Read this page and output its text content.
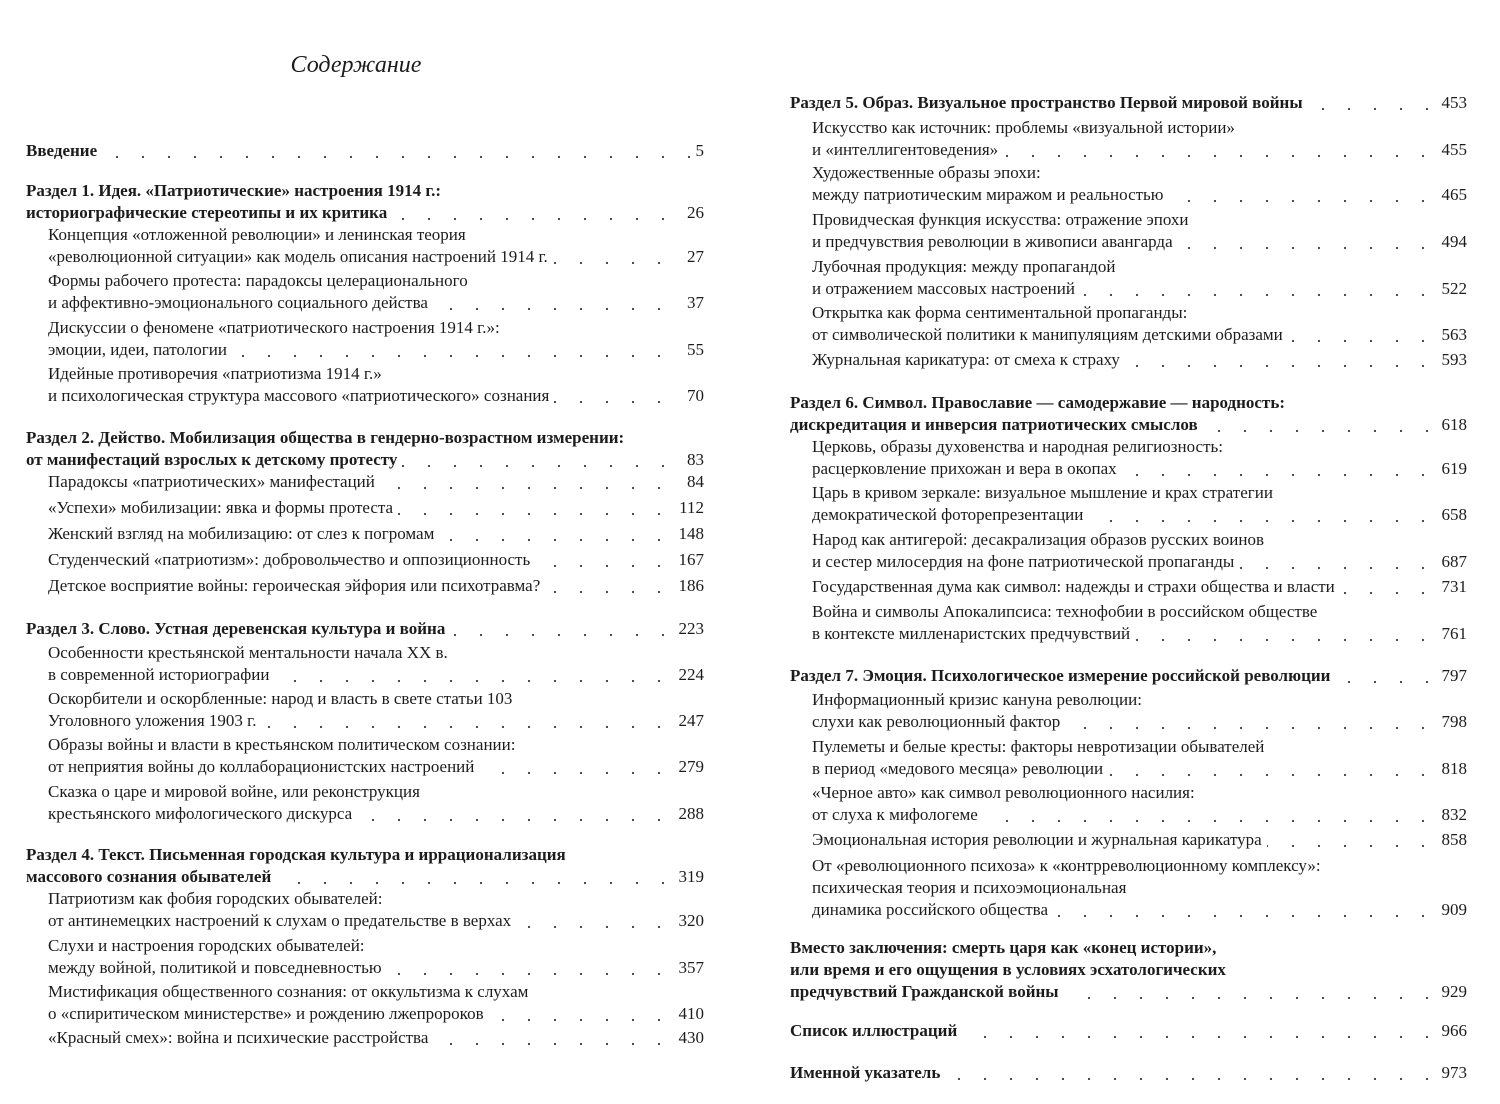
Содержание
Введение	5
Раздел 1. Идея. «Патриотические» настроения 1914 г.:
историографические стереотипы и их критика	26
Концепция «отложенной революции» и ленинская теория
«революционной ситуации» как модель описания настроений 1914 г.	27
Формы рабочего протеста: парадоксы целерационального
и аффективно-эмоционального социального действа	37
Дискуссии о феномене «патриотического настроения 1914 г.»:
эмоции, идеи, патологии	55
Идейные противоречия «патриотизма 1914 г.»
и психологическая структура массового «патриотического» сознания	70
Раздел 2. Действо. Мобилизация общества в гендерно-возрастном измерении:
от манифестаций взрослых к детскому протесту	83
Парадоксы «патриотических» манифестаций	84
«Успехи» мобилизации: явка и формы протеста	112
Женский взгляд на мобилизацию: от слез к погромам	148
Студенческий «патриотизм»: добровольчество и оппозиционность	167
Детское восприятие войны: героическая эйфория или психотравма?	186
Раздел 3. Слово. Устная деревенская культура и война	223
Особенности крестьянской ментальности начала XX в.
в современной историографии	224
Оскорбители и оскорбленные: народ и власть в свете статьи 103
Уголовного уложения 1903 г.	247
Образы войны и власти в крестьянском политическом сознании:
от неприятия войны до коллаборационистских настроений	279
Сказка о царе и мировой войне, или реконструкция
крестьянского мифологического дискурса	288
Раздел 4. Текст. Письменная городская культура и иррационализация
массового сознания обывателей	319
Патриотизм как фобия городских обывателей:
от антинемецких настроений к слухам о предательстве в верхах	320
Слухи и настроения городских обывателей:
между войной, политикой и повседневностью	357
Мистификация общественного сознания: от оккультизма к слухам
о «спиритическом министерстве» и рождению лжепророков	410
«Красный смех»: война и психические расстройства	430
Раздел 5. Образ. Визуальное пространство Первой мировой войны	453
Искусство как источник: проблемы «визуальной истории»
и «интеллигентоведения»	455
Художественные образы эпохи:
между патриотическим миражом и реальностью	465
Провидческая функция искусства: отражение эпохи
и предчувствия революции в живописи авангарда	494
Лубочная продукция: между пропагандой
и отражением массовых настроений	522
Открытка как форма сентиментальной пропаганды:
от символической политики к манипуляциям детскими образами	563
Журнальная карикатура: от смеха к страху	593
Раздел 6. Символ. Православие — самодержавие — народность:
дискредитация и инверсия патриотических смыслов	618
Церковь, образы духовенства и народная религиозность:
расцерковление прихожан и вера в окопах	619
Царь в кривом зеркале: визуальное мышление и крах стратегии
демократической фоторепрезентации	658
Народ как антигерой: десакрализация образов русских воинов
и сестер милосердия на фоне патриотической пропаганды	687
Государственная дума как символ: надежды и страхи общества и власти	731
Война и символы Апокалипсиса: технофобии в российском обществе
в контексте милленаристских предчувствий	761
Раздел 7. Эмоция. Психологическое измерение российской революции	797
Информационный кризис кануна революции:
слухи как революционный фактор	798
Пулеметы и белые кресты: факторы невротизации обывателей
в период «медового месяца» революции	818
«Черное авто» как символ революционного насилия:
от слуха к мифологеме	832
Эмоциональная история революции и журнальная карикатура	858
От «революционного психоза» к «контрреволюционному комплексу»:
психическая теория и психоэмоциональная
динамика российского общества	909
Вместо заключения: смерть царя как «конец истории»,
или время и его ощущения в условиях эсхатологических
предчувствий Гражданской войны	929
Список иллюстраций	966
Именной указатель	973
